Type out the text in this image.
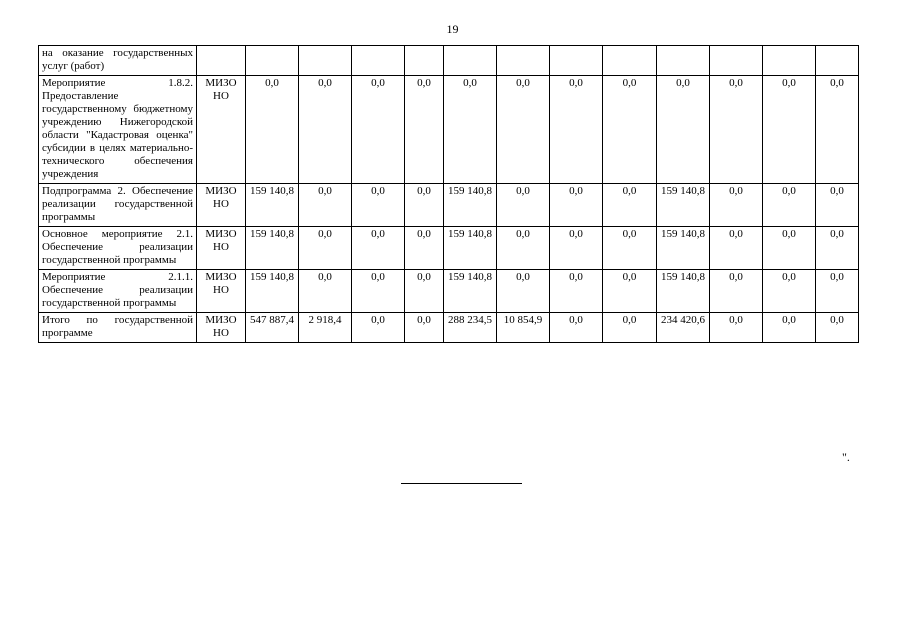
19
на оказание государственных услуг (работ)													
Мероприятие 1.8.2. Предоставление государственному бюджетному учреждению Нижегородской области "Кадастровая оценка" субсидии в целях материально-технического обеспечения учреждения	МИЗО НО	0,0	0,0	0,0	0,0	0,0	0,0	0,0	0,0	0,0	0,0	0,0	0,0
Подпрограмма 2. Обеспечение реализации государственной программы	МИЗО НО	159 140,8	0,0	0,0	0,0	159 140,8	0,0	0,0	0,0	159 140,8	0,0	0,0	0,0
Основное мероприятие 2.1. Обеспечение реализации государственной программы	МИЗО НО	159 140,8	0,0	0,0	0,0	159 140,8	0,0	0,0	0,0	159 140,8	0,0	0,0	0,0
Мероприятие 2.1.1. Обеспечение реализации государственной программы	МИЗО НО	159 140,8	0,0	0,0	0,0	159 140,8	0,0	0,0	0,0	159 140,8	0,0	0,0	0,0
Итого по государственной программе	МИЗО НО	547 887,4	2 918,4	0,0	0,0	288 234,5	10 854,9	0,0	0,0	234 420,6	0,0	0,0	0,0
".
